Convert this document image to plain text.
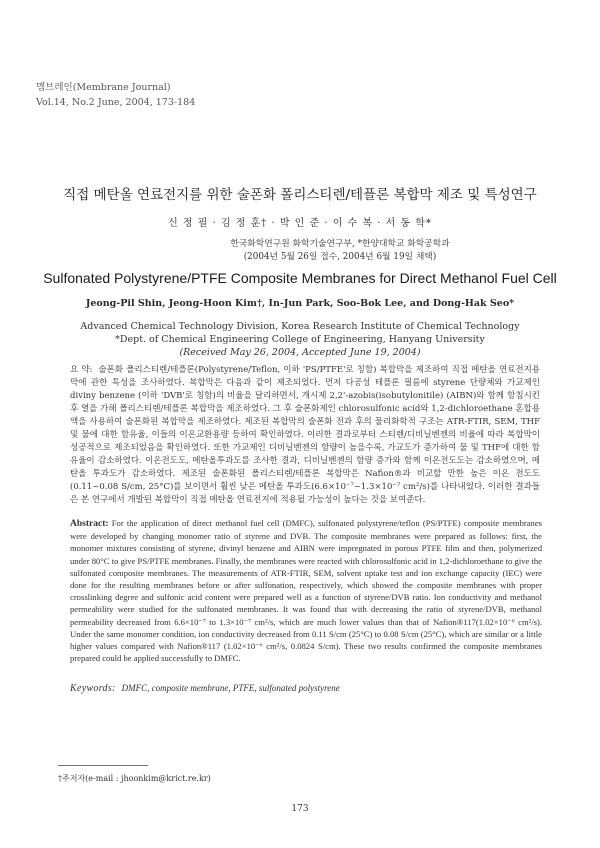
멤브레인(Membrane Journal)
Vol.14, No.2 June, 2004, 173-184
직접 메탄올 연료전지를 위한 술폰화 폴리스티렌/테플론 복합막 제조 및 특성연구
신 정 필 · 김 정 훈† · 박 인 준 · 이 수 복 · 서 동 학*
한국화학연구원 화학기술연구부, *한양대학교 화학공학과
(2004년 5월 26일 접수, 2004년 6월 19일 채택)
Sulfonated Polystyrene/PTFE Composite Membranes for Direct Methanol Fuel Cell
Jeong-Pil Shin, Jeong-Hoon Kim†, In-Jun Park, Soo-Bok Lee, and Dong-Hak Seo*
Advanced Chemical Technology Division, Korea Research Institute of Chemical Technology
*Dept. of Chemical Engineering College of Engineering, Hanyang University
(Received May 26, 2004, Accepted June 19, 2004)
요 약: 술폰화 폴리스티렌/테플론(Polystyrene/Teflon, 이하 'PS/PTFE'로 칭함) 복합막을 제조하여 직접 메탄올 연료전지용 막에 관한 특성을 조사하였다. 복합막은 다음과 같이 제조되었다. 먼저 다공성 테플론 필름에 styrene 단량체와 가교제인 diviny benzene (이하 'DVB'로 칭함)의 비율을 달리하면서, 개시제 2,2'-azobis(isobutylonitile) (AIBN)와 함께 함침시킨 후 열을 가해 폴리스티렌/테플론 복합막을 제조하였다. 그 후 술폰화제인 chlorosulfonic acid와 1,2-dichloroethane 혼합용액을 사용하여 술폰화된 복합막을 제조하였다. 제조된 복합막의 술폰화 전과 후의 물리화학적 구조는 ATR-FTIR, SEM, THF 및 물에 대한 함유율, 이들의 이온교환용량 등하여 확인하였다. 이러한 결과로부터 스티렌/디비닐벤젠의 비율에 따라 복합막이 성공적으로 제조되었음을 확인하였다. 또한 가교제인 디비닐벤젠의 함량이 높을수록, 가교도가 증가하여 물 및 THF에 대한 함유율이 감소하였다. 이온전도도, 메탄올투과도를 조사한 결과, 디비닐벤젠의 함량 증가와 함께 이온전도도는 감소하였으며, 메탄올 투과도가 감소하였다. 제조된 술폰화된 폴리스티렌/테플론 복합막은 Nafion®과 비교할 만한 높은 이온 전도도(0.11~0.08 S/cm, 25°C)를 보이면서 훨씬 낮은 메탄올 투과도(6.6×10⁻⁷~1.3×10⁻⁷ cm²/s)를 나타내었다. 이러한 결과들은 본 연구에서 개발된 복합막이 직접 메탄올 연료전지에 적용될 가능성이 높다는 것을 보여준다.
Abstract: For the application of direct methanol fuel cell (DMFC), sulfonated polystyrene/teflon (PS/PTFE) composite membranes were developed by changing monomer ratio of styrene and DVB. The composite membranes were prepared as follows: first, the monomer mixtures consisting of styrene, divinyl benzene and AIBN were impregnated in porous PTFE film and then, polymerized under 80°C to give PS/PTFE membranes. Finally, the membranes were reacted with chlorosulfonic acid in 1,2-dichloroethane to give the sulfonated composite membranes. The measurements of ATR-FTIR, SEM, solvent uptake test and ion exchange capacity (IEC) were done for the resulting membranes before or after sulfonation, respectively, which showed the composite membranes with proper crosslinking degree and sulfonic acid content were prepared well as a function of styrene/DVB ratio. Ion conductivity and methanol permeability were studied for the sulfonated membranes. It was found that with decreasing the ratio of styrene/DVB, methanol permeability decreased from 6.6×10⁻⁷ to 1.3×10⁻⁷ cm²/s, which are much lower values than that of Nafion®117(1.02×10⁻⁶ cm²/s). Under the same monomer condition, ion conductivity decreased from 0.11 S/cm (25°C) to 0.08 S/cm (25°C), which are similar or a little higher values compared with Nafion®117 (1.02×10⁻⁶ cm²/s, 0.0824 S/cm). These two results confirmed the composite membranes prepared could be applied successfully to DMFC.
Keywords: DMFC, composite membrane, PTFE, sulfonated polystyrene
†주저자(e-mail : jhoonkim@krict.re.kr)
173
